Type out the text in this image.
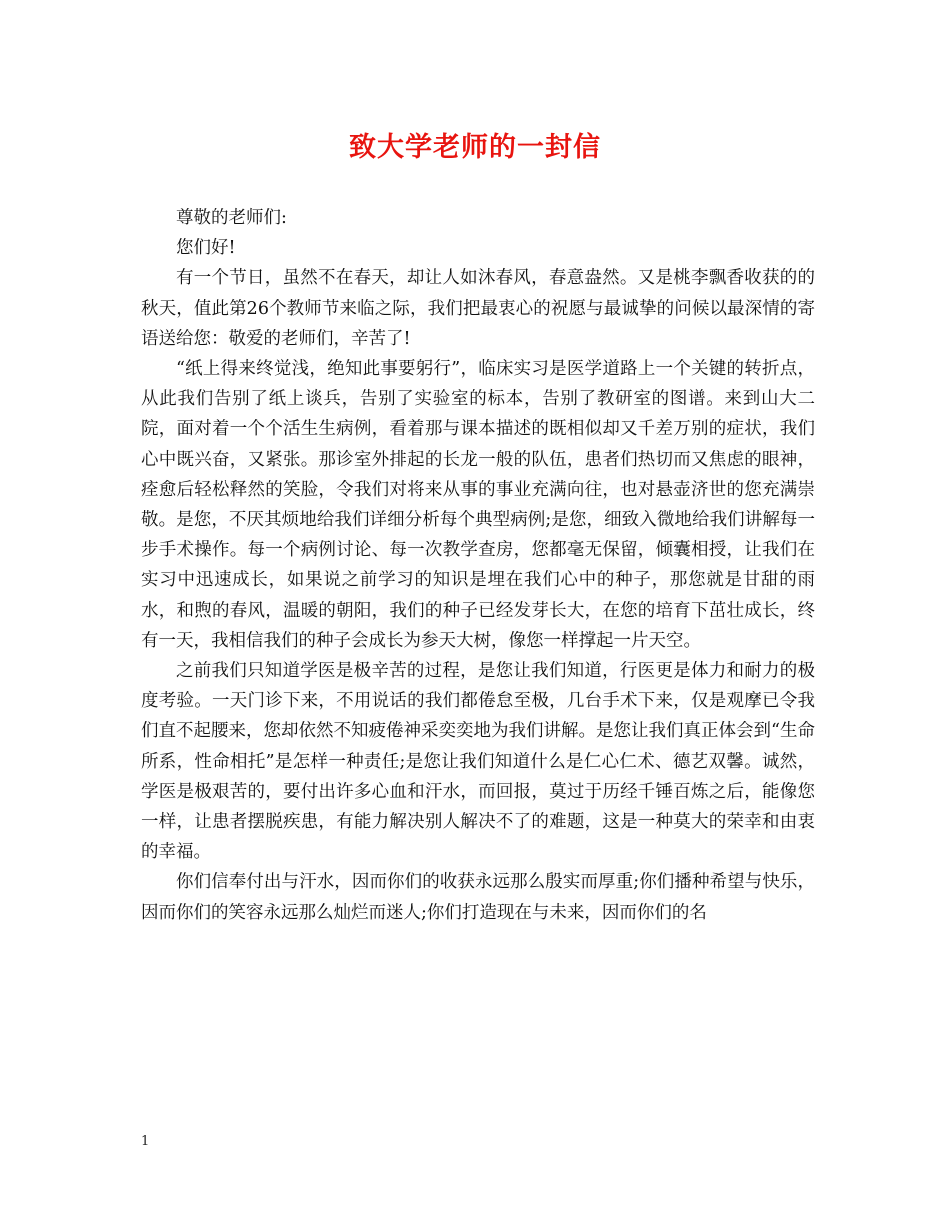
致大学老师的一封信

尊敬的老师们:

您们好!

有一个节日，虽然不在春天，却让人如沐春风，春意盎然。又是桃李飘香收获的的秋天，值此第26个教师节来临之际，我们把最衷心的祝愿与最诚挚的问候以最深情的寄语送给您：敬爱的老师们，辛苦了!

“纸上得来终觉浅，绝知此事要躬行”，临床实习是医学道路上一个关键的转折点，从此我们告别了纸上谈兵，告别了实验室的标本，告别了教研室的图谱。来到山大二院，面对着一个个活生生病例，看着那与课本描述的既相似却又千差万别的症状，我们心中既兴奋，又紧张。那诊室外排起的长龙一般的队伍，患者们热切而又焦虑的眼神，痊愈后轻松释然的笑脸，令我们对将来从事的事业充满向往，也对悬壶济世的您充满崇敬。是您，不厌其烦地给我们详细分析每个典型病例;是您，细致入微地给我们讲解每一步手术操作。每一个病例讨论、每一次教学查房，您都毫无保留，倾囊相授，让我们在实习中迅速成长，如果说之前学习的知识是埋在我们心中的种子，那您就是甘甜的雨水，和煦的春风，温暖的朝阳，我们的种子已经发芽长大，在您的培育下茁壮成长，终有一天，我相信我们的种子会成长为参天大树，像您一样撑起一片天空。

之前我们只知道学医是极辛苦的过程，是您让我们知道，行医更是体力和耐力的极度考验。一天门诊下来，不用说话的我们都倦怠至极，几台手术下来，仅是观摩已令我们直不起腰来，您却依然不知疲倦神采奕奕地为我们讲解。是您让我们真正体会到“生命所系，性命相托”是怎样一种责任;是您让我们知道什么是仁心仁术、德艺双馨。诚然，学医是极艰苦的，要付出许多心血和汗水，而回报，莫过于历经千锤百炼之后，能像您一样，让患者摆脱疾患，有能力解决别人解决不了的难题，这是一种莫大的荣幸和由衷的幸福。

你们信奉付出与汗水，因而你们的收获永远那么殷实而厚重;你们播种希望与快乐，因而你们的笑容永远那么灿烂而迷人;你们打造现在与未来，因而你们的名

1
